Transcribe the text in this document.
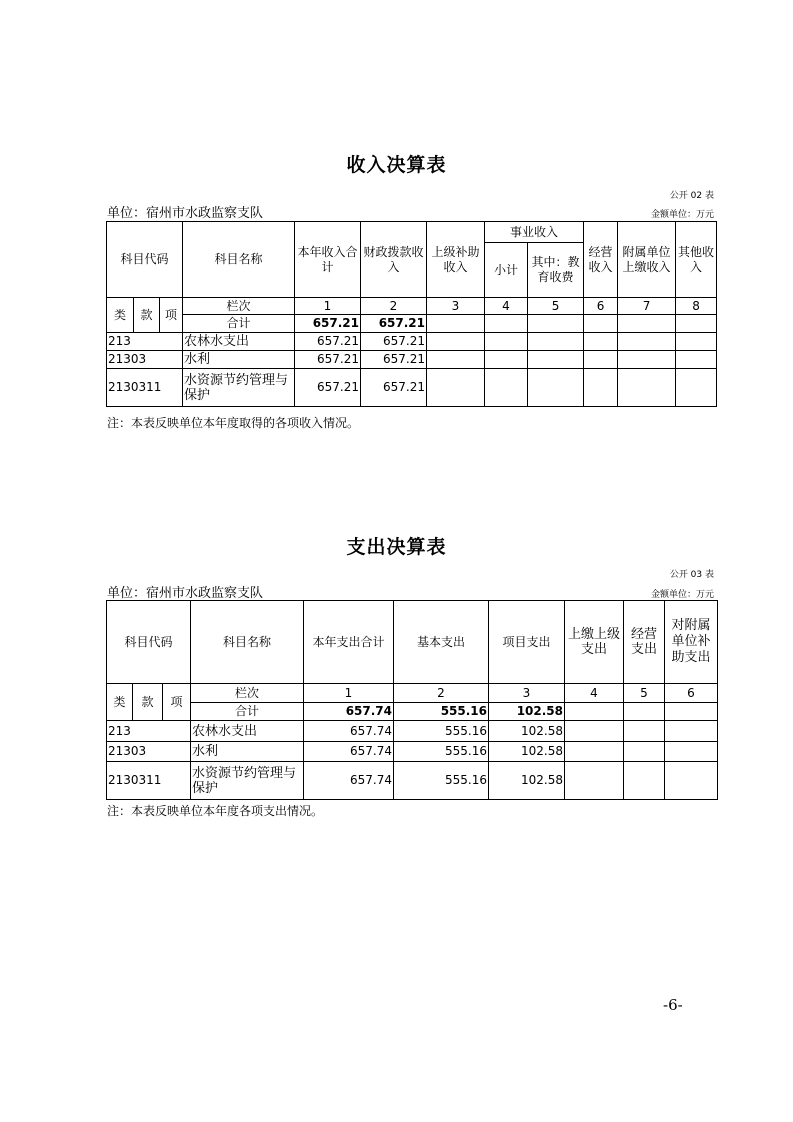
收入决算表
公开 02 表
单位：宿州市水政监察支队	金额单位：万元
科目代码			科目名称	本年收入合计	财政拨款收入	上级补助收入	事业收入		经营收入	附属单位上缴收入	其他收入
							小计	其中：教育收费			
类	款	项	栏次	1	2	3	4	5	6	7	8
			合计	657.21	657.21						
213			农林水支出	657.21	657.21						
21303			水利	657.21	657.21						
2130311			水资源节约管理与保护	657.21	657.21						
注：本表反映单位本年度取得的各项收入情况。
支出决算表
公开 03 表
单位：宿州市水政监察支队	金额单位：万元
科目代码			科目名称	本年支出合计	基本支出	项目支出	上缴上级支出	经营支出	对附属单位补助支出
类	款	项	栏次	1	2	3	4	5	6
			合计	657.74	555.16	102.58			
213			农林水支出	657.74	555.16	102.58			
21303			水利	657.74	555.16	102.58			
2130311			水资源节约管理与保护	657.74	555.16	102.58			
注：本表反映单位本年度各项支出情况。
-6-
